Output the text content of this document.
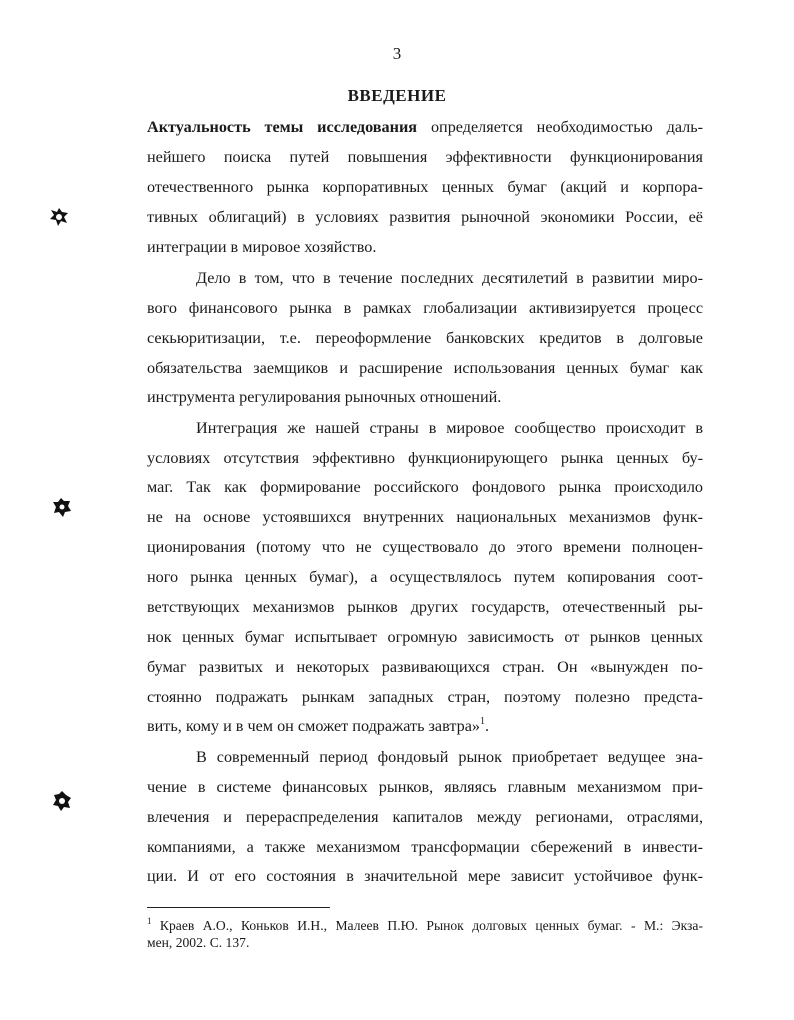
3
ВВЕДЕНИЕ
Актуальность темы исследования определяется необходимостью даль-
нейшего поиска путей повышения эффективности функционирования
отечественного рынка корпоративных ценных бумаг (акций и корпора-
тивных облигаций) в условиях развития рыночной экономики России, её
интеграции в мировое хозяйство.
Дело в том, что в течение последних десятилетий в развитии миро-
вого финансового рынка в рамках глобализации активизируется процесс
секьюритизации, т.е. переоформление банковских кредитов в долговые
обязательства заемщиков и расширение использования ценных бумаг как
инструмента регулирования рыночных отношений.
Интеграция же нашей страны в мировое сообщество происходит в
условиях отсутствия эффективно функционирующего рынка ценных бу-
маг. Так как формирование российского фондового рынка происходило
не на основе устоявшихся внутренних национальных механизмов функ-
ционирования (потому что не существовало до этого времени полноцен-
ного рынка ценных бумаг), а осуществлялось путем копирования соот-
ветствующих механизмов рынков других государств, отечественный ры-
нок ценных бумаг испытывает огромную зависимость от рынков ценных
бумаг развитых и некоторых развивающихся стран. Он «вынужден по-
стоянно подражать рынкам западных стран, поэтому полезно предста-
вить, кому и в чем он сможет подражать завтра»$^1$.
В современный период фондовый рынок приобретает ведущее зна-
чение в системе финансовых рынков, являясь главным механизмом при-
влечения и перераспределения капиталов между регионами, отраслями,
компаниями, а также механизмом трансформации сбережений в инвести-
ции. И от его состояния в значительной мере зависит устойчивое функ-
$^1$ Краев А.О., Коньков И.Н., Малеев П.Ю. Рынок долговых ценных бумаг. - М.: Экза-
мен, 2002. С. 137.
